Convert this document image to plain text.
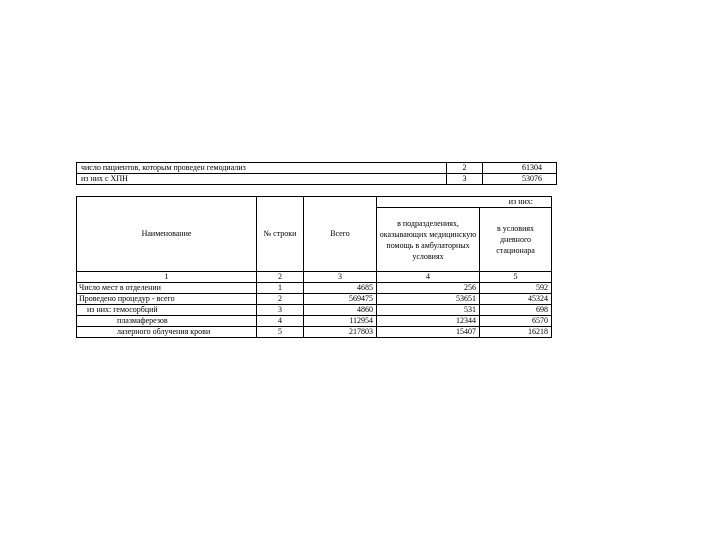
число пациентов, которым проведен гемодиализ	2	61304
из них с ХПН	3	53076
Наименование	№ строки	Всего	из них:	
			в подразделениях, оказывающих медицинскую помощь в амбулаторных условиях	в условиях дневного стационара
1	2	3	4	5
Число мест в отделении	1	4685	256	592
Проведено процедур - всего	2	569475	53651	45324
из них: гемосорбций	3	4860	531	698
плазмаферезов	4	112954	12344	6570
лазерного облучения крови	5	217803	15407	16218
